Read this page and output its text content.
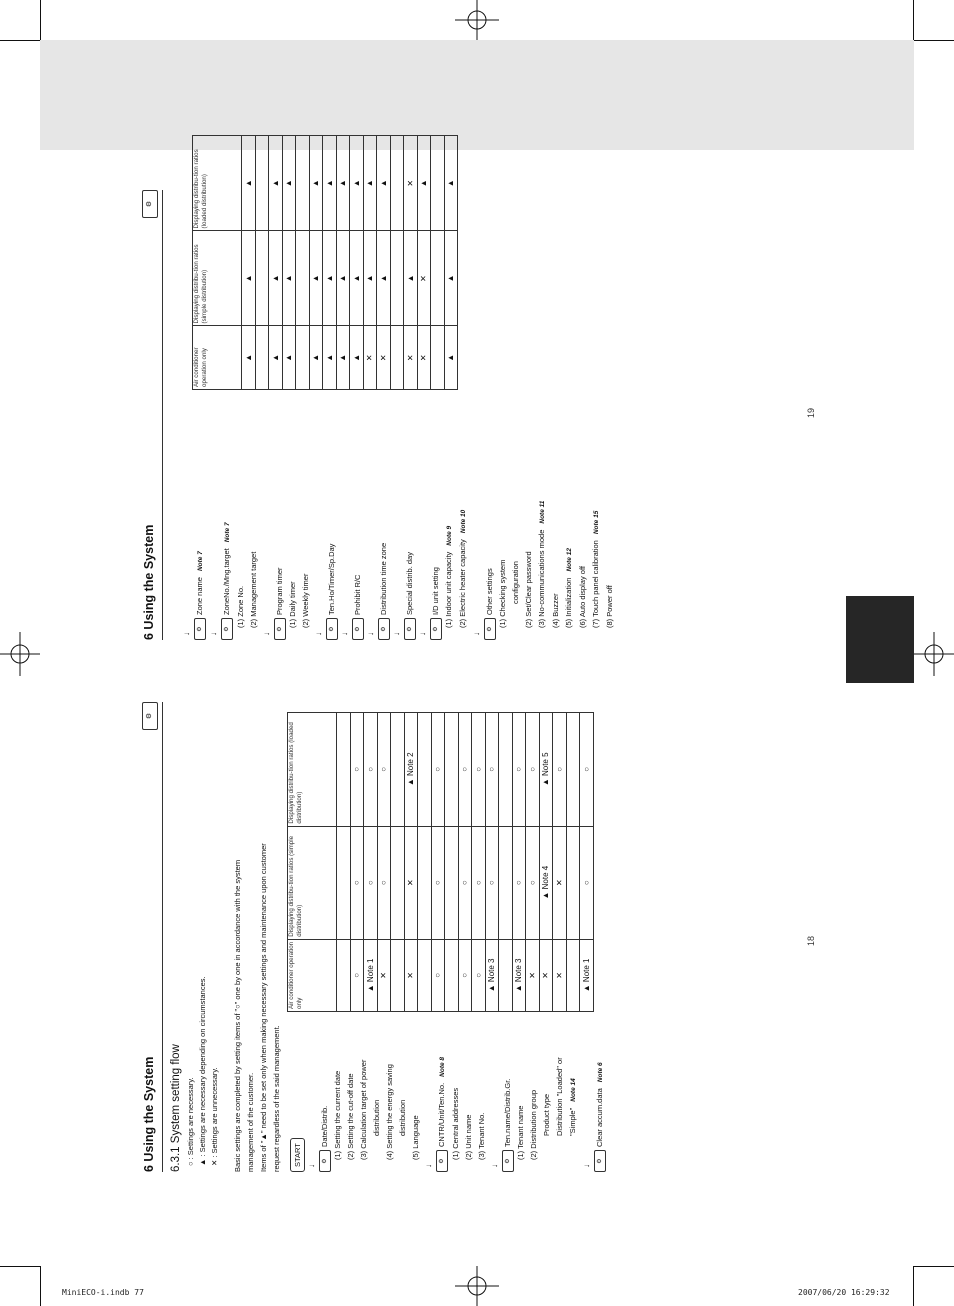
6 Using the System
⚙
6.3.1 System setting flow ○ : Settings are necessary. ▲ : Settings are necessary depending on circumstances. ✕ : Settings are unnecessary. Basic settings are completed by setting items of "○" one by one in accordance with the system management of the customer. Items of "▲" need to be set only when making necessary settings and maintenance upon customer request regardless of the said management.	START ↓
⚙Date/Distrib. (1) Setting the current date (2) Setting the cut-off date (3) Calculation target of power distribution (4) Setting the energy saving distribution (5) Language
↓
⚙CNTR/Unit/Ten.No.Note 8
(1) Central addresses (2) Unit name (3) Tenant No.
↓
⚙Ten.name/Distrib.Gr. (1) Tenant name (2) Distribution group Product type Distribution "Loaded" or "Simple"Note 14
↓
⚙Clear accum.dataNote 6
Air conditioner operation only	Displaying distribu-tion ratios (simple distribution)	Displaying distribu-tion ratios (loaded distribution)

○	○	○
▲ Note 1	○	○
✕	○	○

✕	✕	▲ Note 2

○	○	○

○	○	○
○	○	○
▲ Note 3	○	○

▲ Note 3	○	○
✕	○	○
✕	▲ Note 4	▲ Note 5
✕	✕	○

▲ Note 1	○	○
6 Using the System
⚙
↓
⚙Zone nameNote 7
↓
⚙ZoneNo./Mng.targetNote 7
(1) Zone No. (2) Management target
↓
⚙Program timer (1) Daily timer (2) Weekly timer
↓
⚙Ten.Ho/Timer/Sp.Day
↓
⚙Prohibit R/C
↓
⚙Distribution time zone
↓
⚙Special distrib. day
↓
⚙I/D unit setting (1) Indoor unit capacityNote 9
(2) Electric heater capacityNote 10
↓
⚙Other settings (1) Checking system configuration (2) Set/Clear password (3) No-communications modeNote 11
(4) Buzzer (5) InitializationNote 12
(6) Auto display off (7) Touch panel calibrationNote 15
(8) Power off
Air conditioner operation only	Displaying distribu-tion ratios (simple distribution)	Displaying distribu-tion ratios (loaded distribution)
▲	▲	▲

▲	▲	▲
▲	▲	▲

▲	▲	▲
▲	▲	▲
▲	▲	▲
▲	▲	▲
✕	▲	▲
✕	▲	▲

✕	▲	✕
✕	✕	▲

▲	▲	▲
18
19
MiniECO-i.indb 77	2007/06/20 16:29:32
